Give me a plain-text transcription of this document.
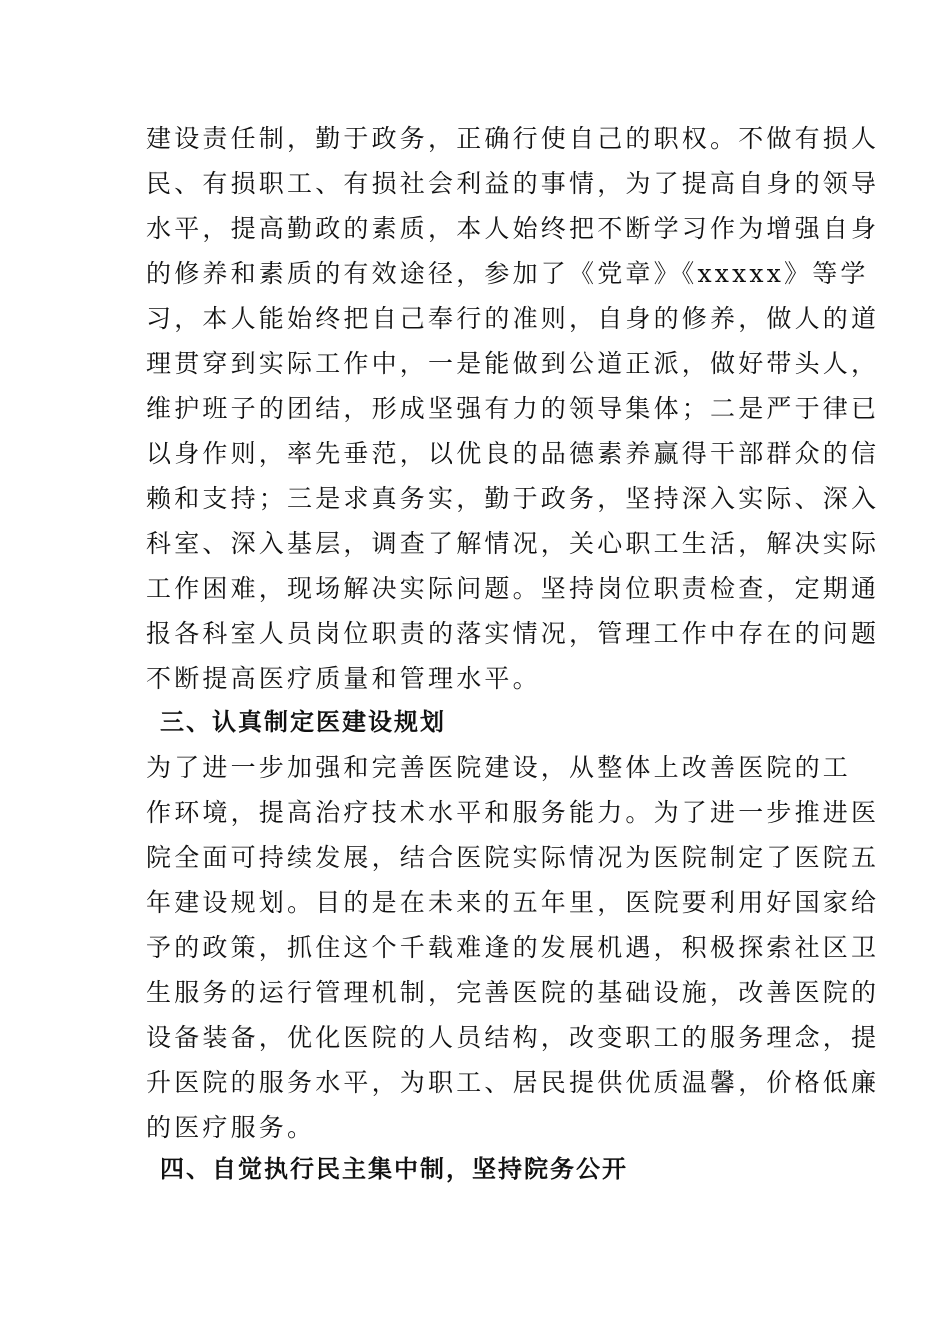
建设责任制，勤于政务，正确行使自己的职权。不做有损人
民、有损职工、有损社会利益的事情，为了提高自身的领导
水平，提高勤政的素质，本人始终把不断学习作为增强自身
的修养和素质的有效途径，参加了《党章》《xxxxx》等学
习，本人能始终把自己奉行的准则，自身的修养，做人的道
理贯穿到实际工作中，一是能做到公道正派，做好带头人，
维护班子的团结，形成坚强有力的领导集体；二是严于律已
以身作则，率先垂范，以优良的品德素养赢得干部群众的信
赖和支持；三是求真务实，勤于政务，坚持深入实际、深入
科室、深入基层，调查了解情况，关心职工生活，解决实际
工作困难，现场解决实际问题。坚持岗位职责检查，定期通
报各科室人员岗位职责的落实情况，管理工作中存在的问题
不断提高医疗质量和管理水平。
三、认真制定医建设规划
为了进一步加强和完善医院建设，从整体上改善医院的工
作环境，提高治疗技术水平和服务能力。为了进一步推进医
院全面可持续发展，结合医院实际情况为医院制定了医院五
年建设规划。目的是在未来的五年里，医院要利用好国家给
予的政策，抓住这个千载难逢的发展机遇，积极探索社区卫
生服务的运行管理机制，完善医院的基础设施，改善医院的
设备装备，优化医院的人员结构，改变职工的服务理念，提
升医院的服务水平，为职工、居民提供优质温馨，价格低廉
的医疗服务。
四、自觉执行民主集中制，坚持院务公开
